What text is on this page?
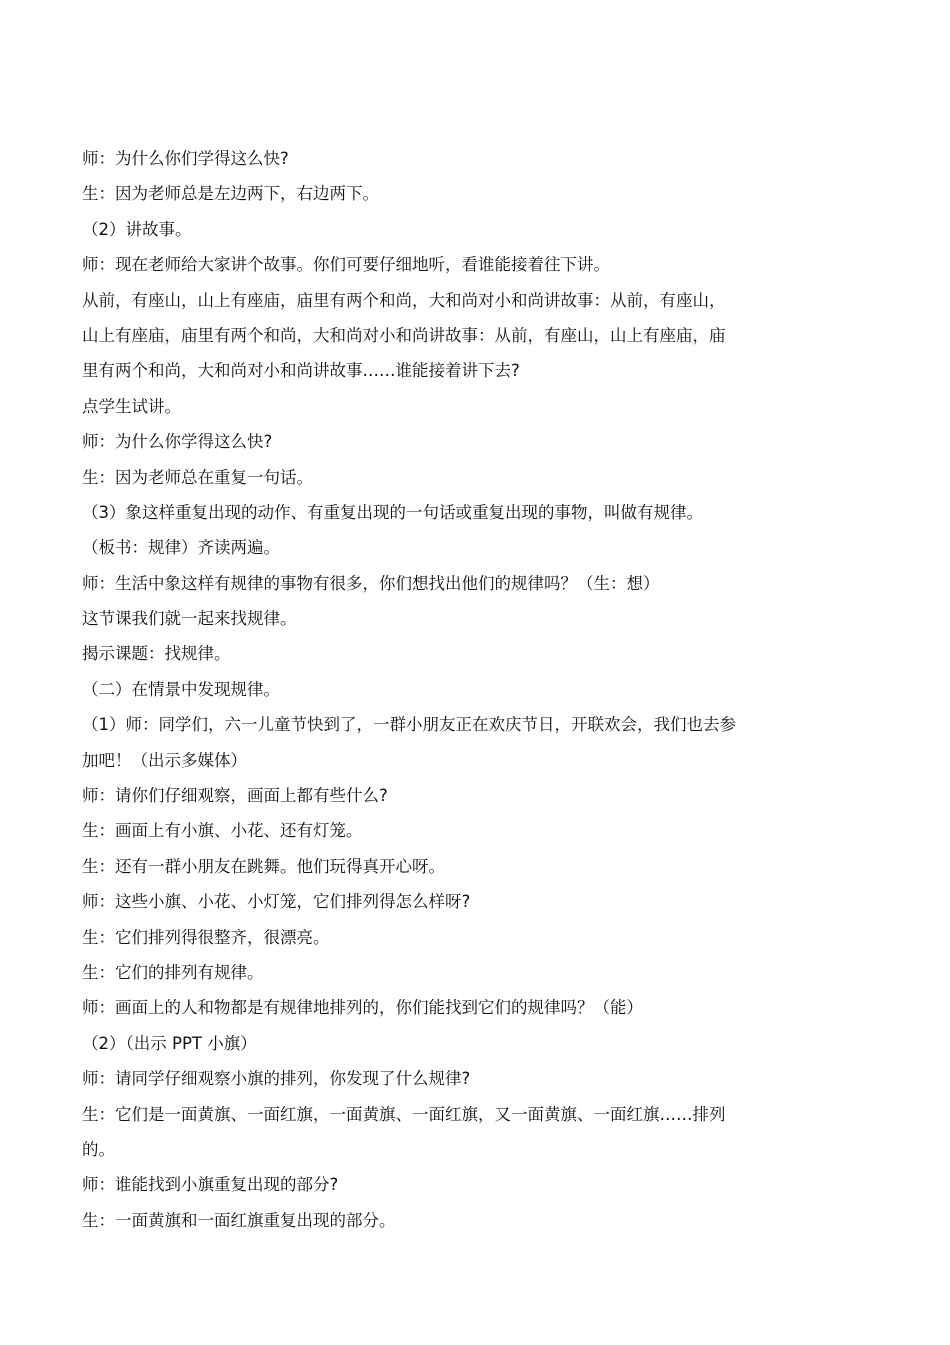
师：为什么你们学得这么快?
生：因为老师总是左边两下，右边两下。
（2）讲故事。
师：现在老师给大家讲个故事。你们可要仔细地听，看谁能接着往下讲。
从前，有座山，山上有座庙，庙里有两个和尚，大和尚对小和尚讲故事：从前，有座山，
山上有座庙，庙里有两个和尚，大和尚对小和尚讲故事：从前，有座山，山上有座庙，庙
里有两个和尚，大和尚对小和尚讲故事……谁能接着讲下去?
点学生试讲。
师：为什么你学得这么快?
生：因为老师总在重复一句话。
（3）象这样重复出现的动作、有重复出现的一句话或重复出现的事物，叫做有规律。
（板书：规律）齐读两遍。
师：生活中象这样有规律的事物有很多，你们想找出他们的规律吗？（生：想）
这节课我们就一起来找规律。
揭示课题：找规律。
（二）在情景中发现规律。
（1）师：同学们，六一儿童节快到了，一群小朋友正在欢庆节日，开联欢会，我们也去参
加吧！（出示多媒体）
师：请你们仔细观察，画面上都有些什么?
生：画面上有小旗、小花、还有灯笼。
生：还有一群小朋友在跳舞。他们玩得真开心呀。
师：这些小旗、小花、小灯笼，它们排列得怎么样呀?
生：它们排列得很整齐，很漂亮。
生：它们的排列有规律。
师：画面上的人和物都是有规律地排列的，你们能找到它们的规律吗？（能）
（2）（出示 PPT 小旗）
师：请同学仔细观察小旗的排列，你发现了什么规律?
生：它们是一面黄旗、一面红旗，一面黄旗、一面红旗，又一面黄旗、一面红旗……排列
的。
师：谁能找到小旗重复出现的部分?
生：一面黄旗和一面红旗重复出现的部分。
